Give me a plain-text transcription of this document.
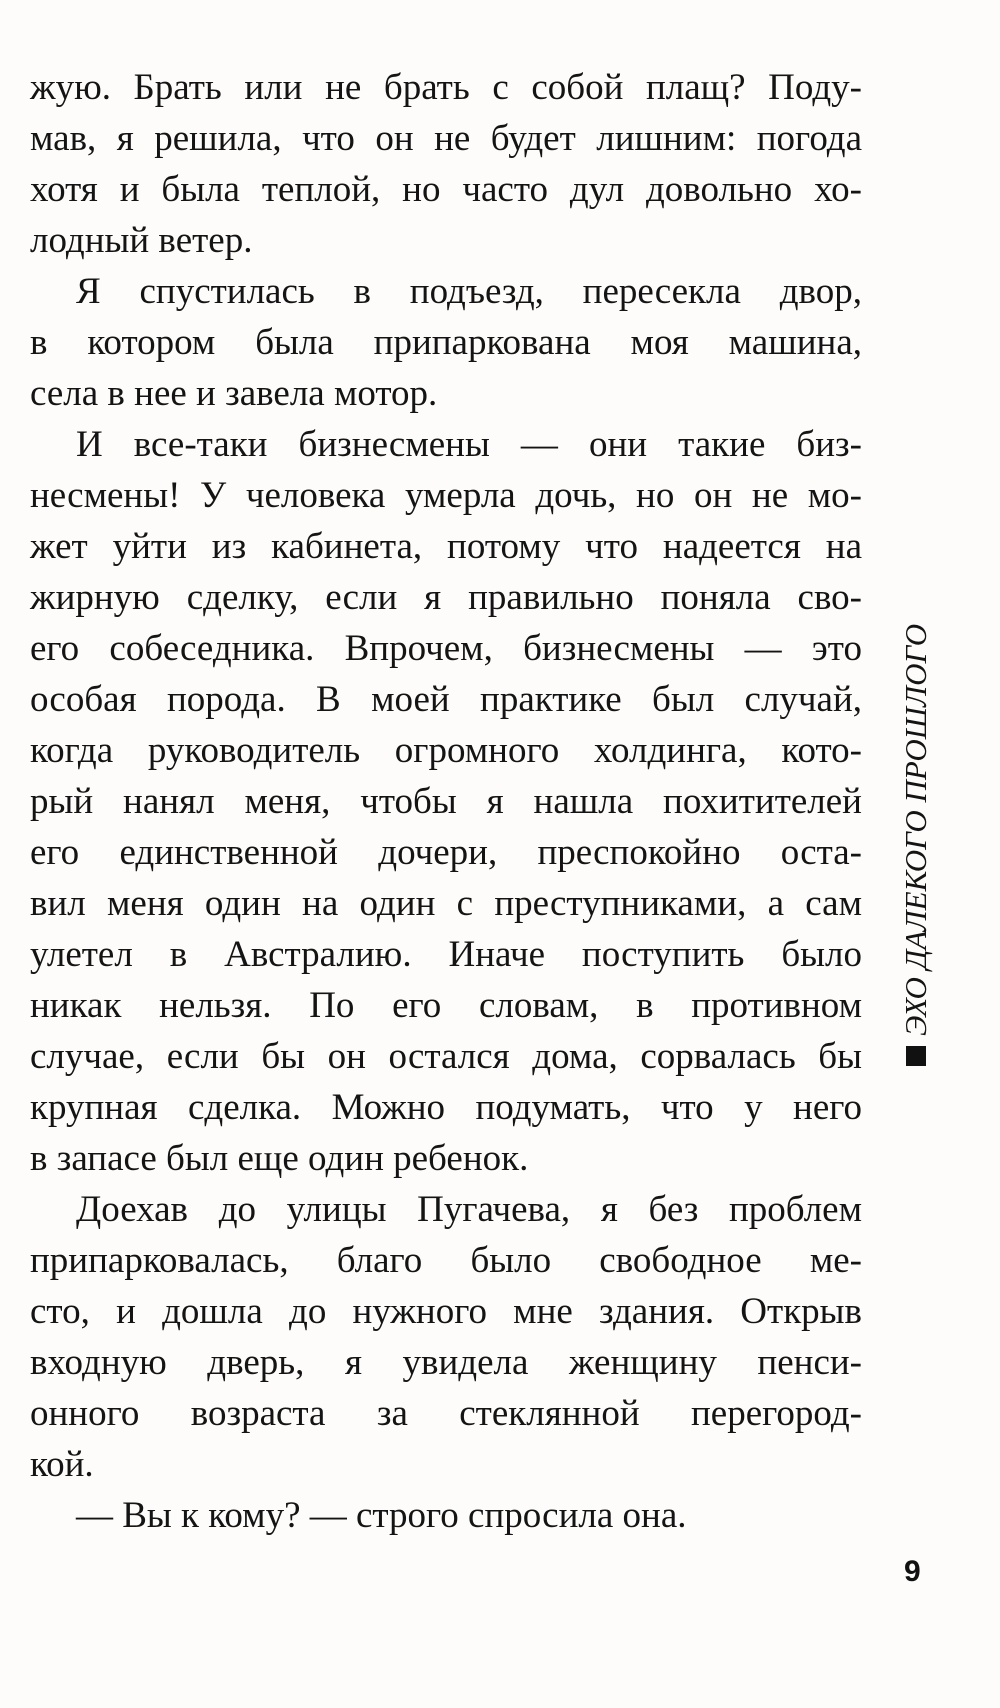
жую. Брать или не брать с собой плащ? Поду-
мав, я решила, что он не будет лишним: погода
хотя и была теплой, но часто дул довольно хо-
лодный ветер.
Я спустилась в подъезд, пересекла двор,
в котором была припаркована моя машина,
села в нее и завела мотор.
И все-таки бизнесмены — они такие биз-
несмены! У человека умерла дочь, но он не мо-
жет уйти из кабинета, потому что надеется на
жирную сделку, если я правильно поняла сво-
его собеседника. Впрочем, бизнесмены — это
особая порода. В моей практике был случай,
когда руководитель огромного холдинга, кото-
рый нанял меня, чтобы я нашла похитителей
его единственной дочери, преспокойно оста-
вил меня один на один с преступниками, а сам
улетел в Австралию. Иначе поступить было
никак нельзя. По его словам, в противном
случае, если бы он остался дома, сорвалась бы
крупная сделка. Можно подумать, что у него
в запасе был еще один ребенок.
Доехав до улицы Пугачева, я без проблем
припарковалась, благо было свободное ме-
сто, и дошла до нужного мне здания. Открыв
входную дверь, я увидела женщину пенси-
онного возраста за стеклянной перегород-
кой.
— Вы к кому? — строго спросила она.
ЭХО ДАЛЕКОГО ПРОШЛОГО
9
